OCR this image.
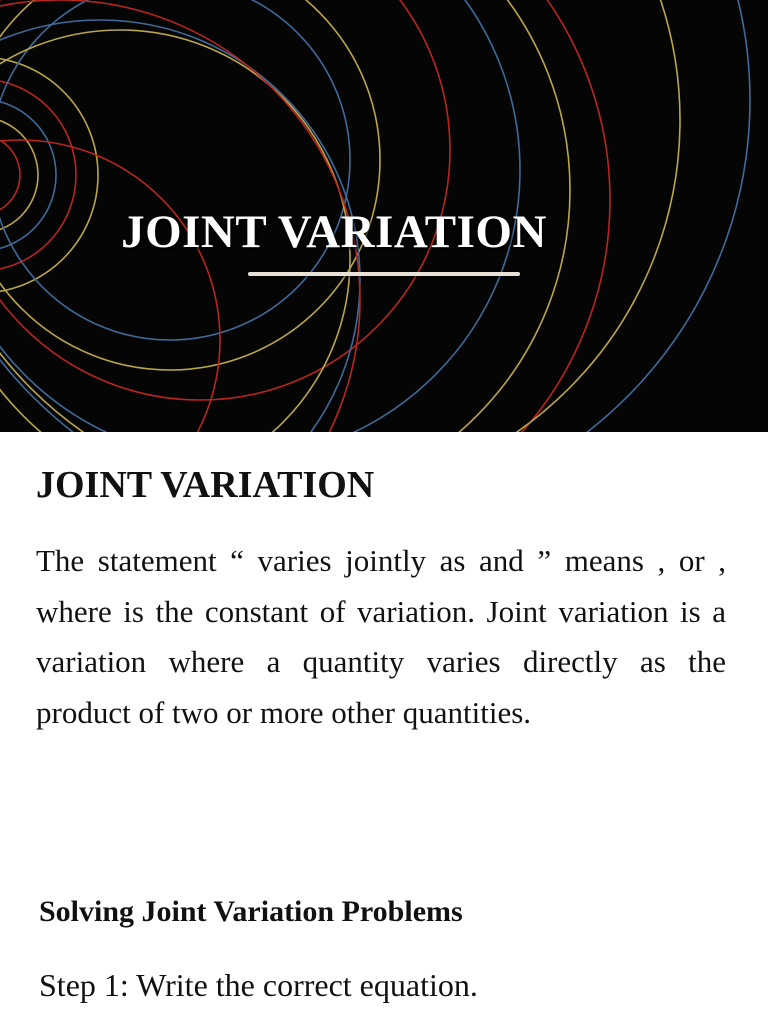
JOINT VARIATION
JOINT VARIATION
The statement “ varies jointly as and ” means , or , where is the constant of variation. Joint variation is a variation where a quantity varies directly as the product of two or more other quantities.
Solving Joint Variation Problems
Step 1: Write the correct equation.
